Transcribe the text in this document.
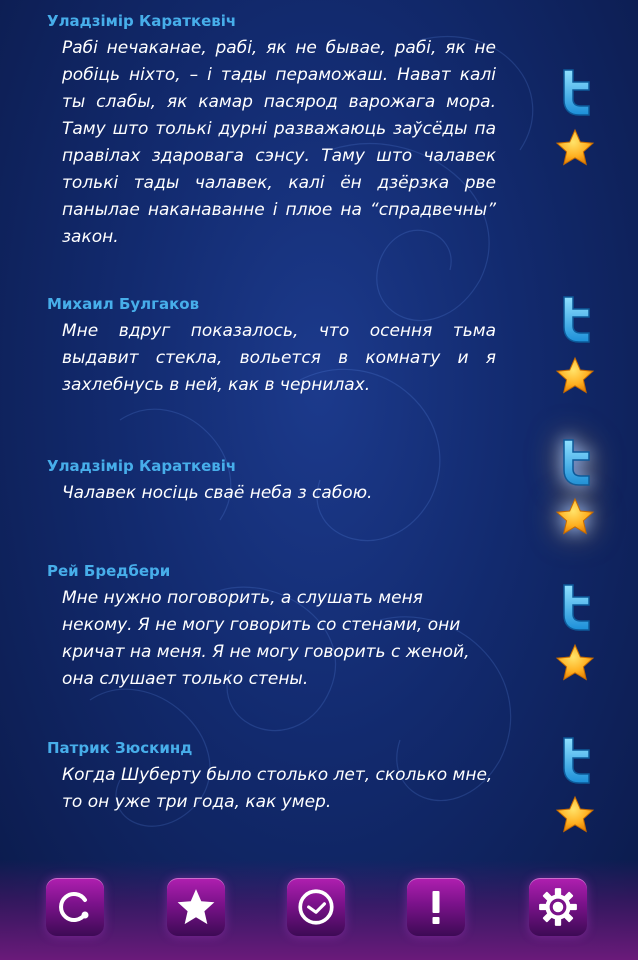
Уладзімір Караткевіч
Рабі нечаканае, рабі, як не бывае, рабі, як не робіць ніхто, – і тады пераможаш. Нават калі ты слабы, як камар пасярод варожага мора. Таму што толькі дурні разважаюць заўсёды па правілах здаровага сэнсу. Таму што чалавек толькі тады чалавек, калі ён дзёрзка рве панылае наканаванне і плюе на “спрадвечны” закон.
Михаил Булгаков
Мне вдруг показалось, что осення тьма выдавит стекла, вольется в комнату и я захлебнусь в ней, как в чернилах.
Уладзімір Караткевіч
Чалавек носіць сваё неба з сабою.
Рей Бредбери
Мне нужно поговорить, а слушать меня некому. Я не могу говорить со стенами, они кричат на меня. Я не могу говорить с женой, она слушает только стены.
Патрик Зюскинд
Когда Шуберту было столько лет, сколько мне, то он уже три года, как умер.
